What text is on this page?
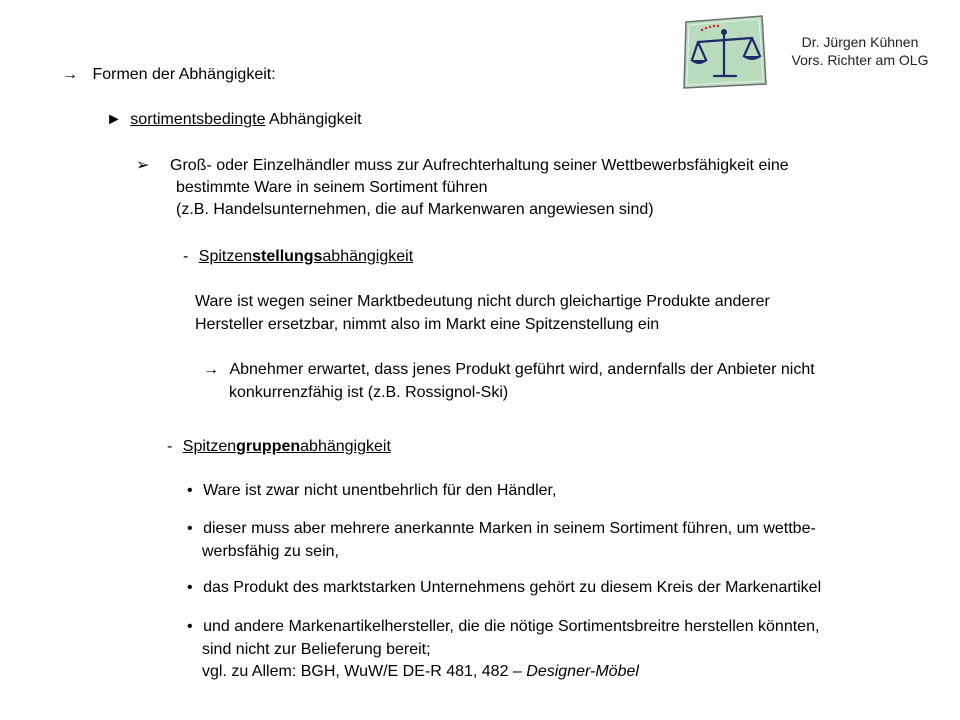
Dr. Jürgen Kühnen
Vors. Richter am OLG
→ Formen der Abhängigkeit:
► sortimentsbedingte Abhängigkeit
➢ Groß- oder Einzelhändler muss zur Aufrechterhaltung seiner Wettbewerbsfähigkeit eine
bestimmte Ware in seinem Sortiment führen
(z.B. Handelsunternehmen, die auf Markenwaren angewiesen sind)
- Spitzenstellungsabhängigkeit
Ware ist wegen seiner Marktbedeutung nicht durch gleichartige Produkte anderer
Hersteller ersetzbar, nimmt also im Markt eine Spitzenstellung ein
→ Abnehmer erwartet, dass jenes Produkt geführt wird, andernfalls der Anbieter nicht
konkurrenzfähig ist (z.B. Rossignol-Ski)
- Spitzengruppenabhängigkeit
• Ware ist zwar nicht unentbehrlich für den Händler,
• dieser muss aber mehrere anerkannte Marken in seinem Sortiment führen, um wettbe-
werbsfähig zu sein,
• das Produkt des marktstarken Unternehmens gehört zu diesem Kreis der Markenartikel
• und andere Markenartikelhersteller, die die nötige Sortimentsbreitre herstellen könnten,
sind nicht zur Belieferung bereit;
vgl. zu Allem: BGH, WuW/E DE-R 481, 482 – Designer-Möbel
